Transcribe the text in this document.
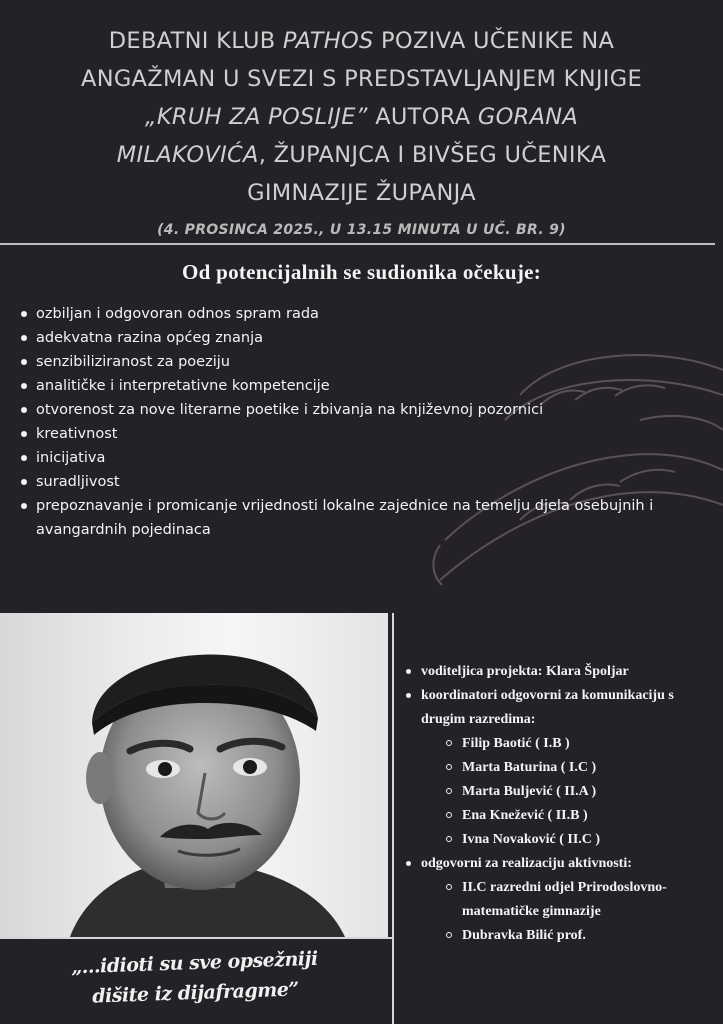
DEBATNI KLUB PATHOS POZIVA UČENIKE NA
ANGAŽMAN U SVEZI S PREDSTAVLJANJEM KNJIGE
„KRUH ZA POSLIJE” AUTORA GORANA
MILAKOVIĆA, ŽUPANJCA I BIVŠEG UČENIKA
GIMNAZIJE ŽUPANJA
(4. PROSINCA 2025., U 13.15 MINUTA U UČ. BR. 9)
Od potencijalnih se sudionika očekuje:
ozbiljan i odgovoran odnos spram rada
adekvatna razina općeg znanja
senzibiliziranost za poeziju
analitičke i interpretativne kompetencije
otvorenost za nove literarne poetike i zbivanja na književnoj pozornici
kreativnost
inicijativa
suradljivost
prepoznavanje i promicanje vrijednosti lokalne zajednice na temelju djela osebujnih i avangardnih pojedinaca
voditeljica projekta: Klara Špoljar
koordinatori odgovorni za komunikaciju s drugim razredima:
Filip Baotić ( I.B )
Marta Baturina ( I.C )
Marta Buljević ( II.A )
Ena Knežević ( II.B )
Ivna Novaković ( II.C )
odgovorni za realizaciju aktivnosti:
II.C razredni odjel Prirodoslovno-matematičke gimnazije
Dubravka Bilić prof.
„...idioti su sve opsežniji
dišite iz dijafragme”
